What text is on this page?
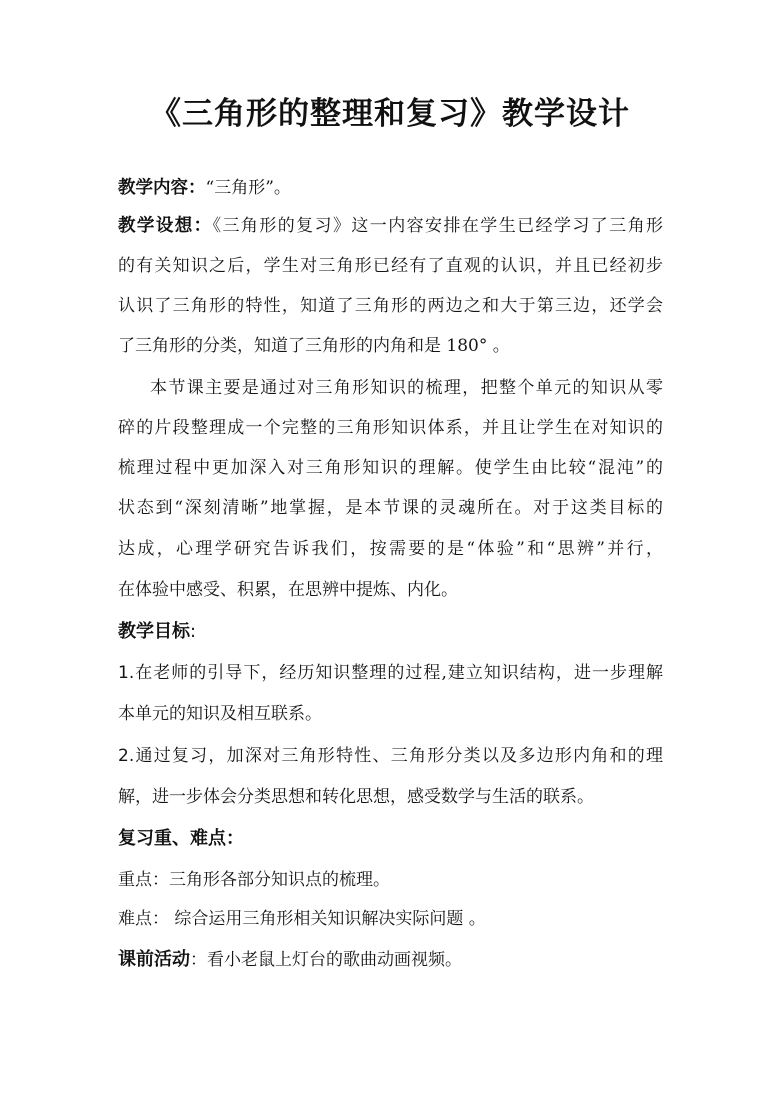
《三角形的整理和复习》教学设计
教学内容：“三角形”。
教学设想：《三角形的复习》这一内容安排在学生已经学习了三角形
的有关知识之后，学生对三角形已经有了直观的认识，并且已经初步
认识了三角形的特性，知道了三角形的两边之和大于第三边，还学会
了三角形的分类，知道了三角形的内角和是 180° 。
本节课主要是通过对三角形知识的梳理，把整个单元的知识从零
碎的片段整理成一个完整的三角形知识体系，并且让学生在对知识的
梳理过程中更加深入对三角形知识的理解。使学生由比较“混沌”的
状态到“深刻清晰”地掌握，是本节课的灵魂所在。对于这类目标的
达成，心理学研究告诉我们，按需要的是“体验”和“思辨”并行，
在体验中感受、积累，在思辨中提炼、内化。
教学目标:
1.在老师的引导下，经历知识整理的过程,建立知识结构，进一步理解
本单元的知识及相互联系。
2.通过复习，加深对三角形特性、三角形分类以及多边形内角和的理
解，进一步体会分类思想和转化思想，感受数学与生活的联系。
复习重、难点：
重点：三角形各部分知识点的梳理。
难点： 综合运用三角形相关知识解决实际问题 。
课前活动：看小老鼠上灯台的歌曲动画视频。
